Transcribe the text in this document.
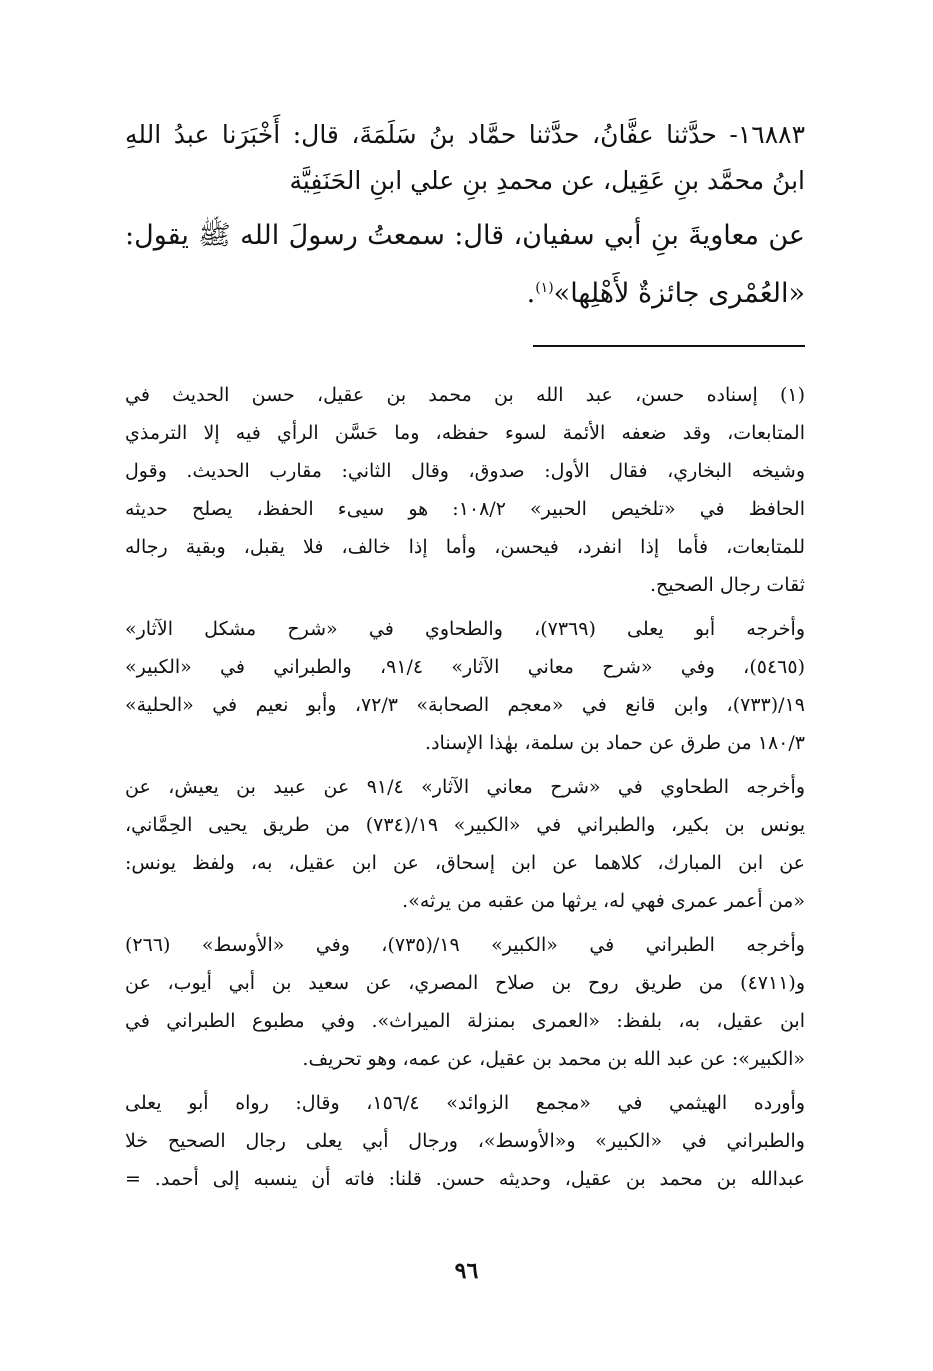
١٦٨٨٣- حدَّثنا عفَّانُ، حدَّثنا حمَّاد بنُ سَلَمَةَ، قال: أَخْبَرَنا عبدُ اللهِ
ابنُ محمَّد بنِ عَقِيل، عن محمدِ بنِ علي ابنِ الحَنَفِيَّة
عن معاويةَ بنِ أبي سفيان، قال: سمعتُ رسولَ الله ﷺ يقول:
«العُمْرى جائزةٌ لأَهْلِها»$^{(١)}$.
(١) إسناده حسن، عبد الله بن محمد بن عقيل، حسن الحديث في
المتابعات، وقد ضعفه الأئمة لسوء حفظه، وما حَسَّن الرأي فيه إلا الترمذي
وشيخه البخاري، فقال الأول: صدوق، وقال الثاني: مقارب الحديث. وقول
الحافظ في «تلخيص الحبير» ١٠٨/٢: هو سيىء الحفظ، يصلح حديثه
للمتابعات، فأما إذا انفرد، فيحسن، وأما إذا خالف، فلا يقبل، وبقية رجاله
ثقات رجال الصحيح.
وأخرجه أبو يعلى (٧٣٦٩)، والطحاوي في «شرح مشكل الآثار»
(٥٤٦٥)، وفي «شرح معاني الآثار» ٩١/٤، والطبراني في «الكبير»
١٩/(٧٣٣)، وابن قانع في «معجم الصحابة» ٧٢/٣، وأبو نعيم في «الحلية»
١٨٠/٣ من طرق عن حماد بن سلمة، بهٰذا الإسناد.
وأخرجه الطحاوي في «شرح معاني الآثار» ٩١/٤ عن عبيد بن يعيش، عن
يونس بن بكير، والطبراني في «الكبير» ١٩/(٧٣٤) من طريق يحيى الحِمَّاني،
عن ابن المبارك، كلاهما عن ابن إسحاق، عن ابن عقيل، به، ولفظ يونس:
«من أعمر عمرى فهي له، يرثها من عقبه من يرثه».
وأخرجه الطبراني في «الكبير» ١٩/(٧٣٥)، وفي «الأوسط» (٢٦٦)
و(٤٧١١) من طريق روح بن صلاح المصري، عن سعيد بن أبي أيوب، عن
ابن عقيل، به، بلفظ: «العمرى بمنزلة الميراث». وفي مطبوع الطبراني في
«الكبير»: عن عبد الله بن محمد بن عقيل، عن عمه، وهو تحريف.
وأورده الهيثمي في «مجمع الزوائد» ١٥٦/٤، وقال: رواه أبو يعلى
والطبراني في «الكبير» و«الأوسط»، ورجال أبي يعلى رجال الصحيح خلا
عبدالله بن محمد بن عقيل، وحديثه حسن. قلنا: فاته أن ينسبه إلى أحمد. =
٩٦
